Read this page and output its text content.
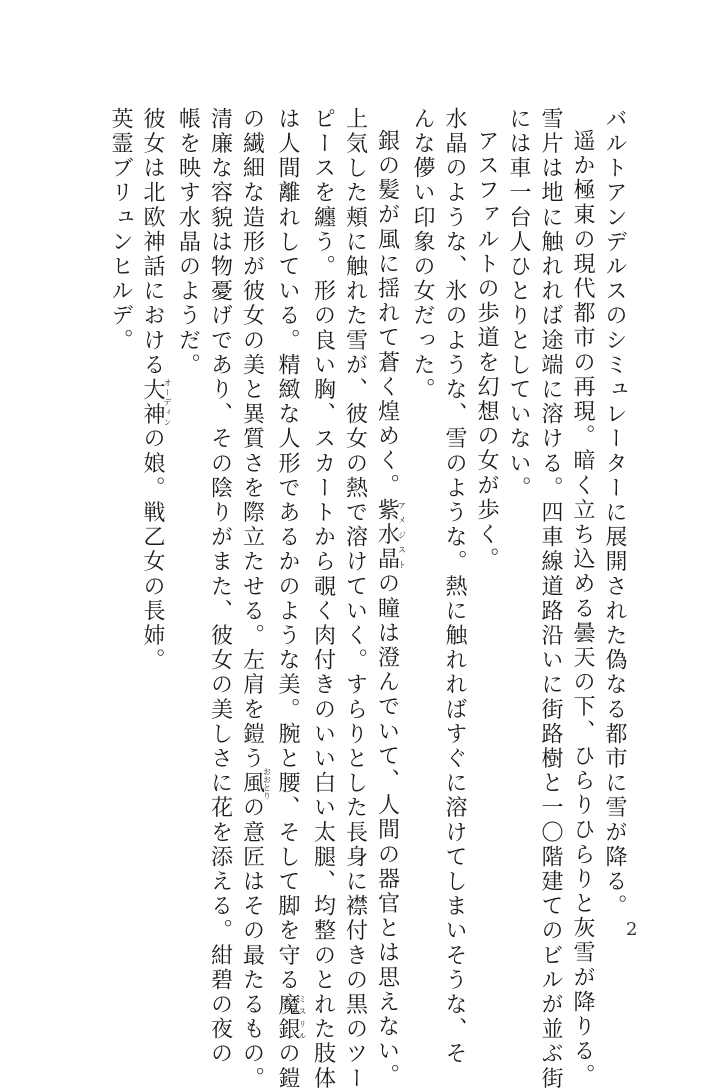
バルトアンデルスのシミュレーターに展開された偽なる都市に雪が降る。
遥か極東の現代都市の再現。暗く立ち込める曇天の下、ひらりひらりと灰雪が降りる。
雪片は地に触れれば途端に溶ける。四車線道路沿いに街路樹と一〇階建てのビルが並ぶ街
には車一台人ひとりとしていない。
アスファルトの歩道を幻想の女が歩く。
水晶のような、氷のような、雪のような。熱に触れればすぐに溶けてしまいそうな、そ
んな儚い印象の女だった。
銀の髪が風に揺れて蒼く煌めく。紫水晶アメジストの瞳は澄んでいて、人間の器官とは思えない。
上気した頬に触れた雪が、彼女の熱で溶けていく。すらりとした長身に襟付きの黒のツー
ピースを纏う。形の良い胸、スカートから覗く肉付きのいい白い太腿、均整のとれた肢体
は人間離れしている。精緻な人形であるかのような美。腕と腰、そして脚を守る魔銀ミスリルの鎧
の繊細な造形が彼女の美と異質さを際立たせる。左肩を鎧う風おおとりの意匠はその最たるもの。
清廉な容貌は物憂げであり、その陰りがまた、彼女の美しさに花を添える。紺碧の夜の
帳を映す水晶のようだ。
彼女は北欧神話における大神オーディンの娘。戦乙女の長姉。
英霊ブリュンヒルデ。
2
